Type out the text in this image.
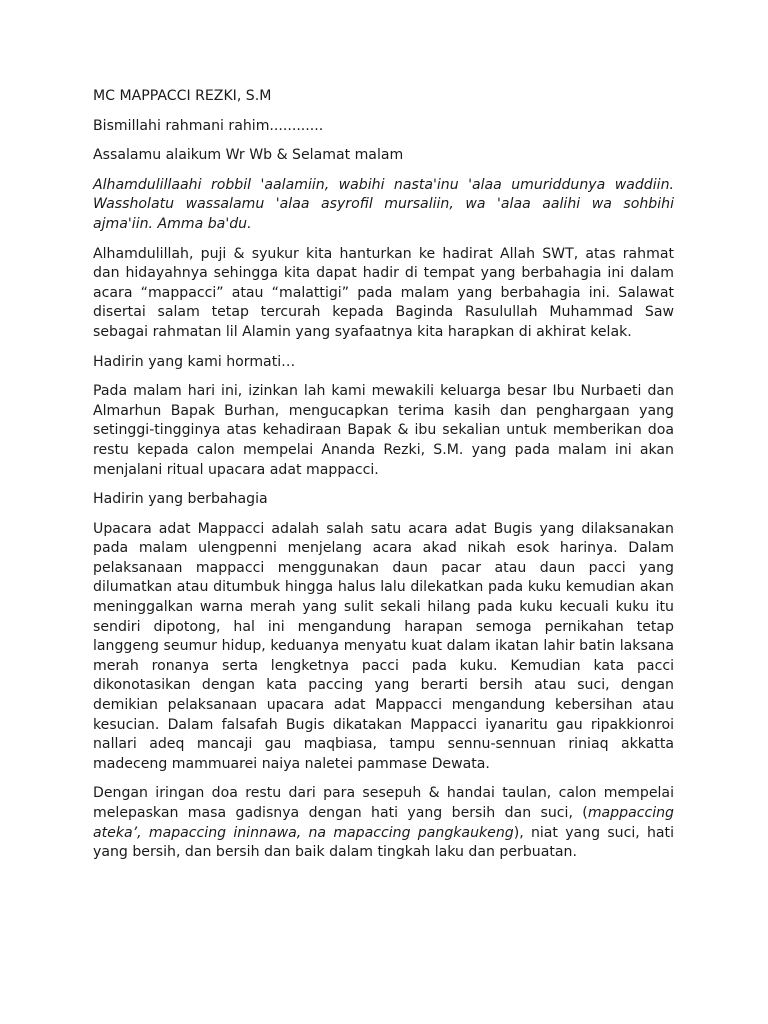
MC MAPPACCI REZKI, S.M

Bismillahi rahmani rahim............

Assalamu alaikum Wr Wb & Selamat malam

Alhamdulillaahi robbil 'aalamiin, wabihi nasta'inu 'alaa umuriddunya waddiin. Wassholatu wassalamu 'alaa asyrofil mursaliin, wa 'alaa aalihi wa sohbihi ajma'iin. Amma ba'du.

Alhamdulillah, puji & syukur kita hanturkan ke hadirat Allah SWT, atas rahmat dan hidayahnya sehingga kita dapat hadir di tempat yang berbahagia ini dalam acara “mappacci” atau “malattigi” pada malam yang berbahagia ini. Salawat disertai salam tetap tercurah kepada Baginda Rasulullah Muhammad Saw sebagai rahmatan lil Alamin yang syafaatnya kita harapkan di akhirat kelak.

Hadirin yang kami hormati…

Pada malam hari ini, izinkan lah kami mewakili keluarga besar Ibu Nurbaeti dan Almarhun Bapak Burhan, mengucapkan terima kasih dan penghargaan yang setinggi-tingginya atas kehadiraan Bapak & ibu sekalian untuk memberikan doa restu kepada calon mempelai Ananda Rezki, S.M. yang pada malam ini akan menjalani ritual upacara adat mappacci.

Hadirin yang berbahagia

Upacara adat Mappacci adalah salah satu acara adat Bugis yang dilaksanakan pada malam ulengpenni menjelang acara akad nikah esok harinya. Dalam pelaksanaan mappacci menggunakan daun pacar atau daun pacci yang dilumatkan atau ditumbuk hingga halus lalu dilekatkan pada kuku kemudian akan meninggalkan warna merah yang sulit sekali hilang pada kuku kecuali kuku itu sendiri dipotong, hal ini mengandung harapan semoga pernikahan tetap langgeng seumur hidup, keduanya menyatu kuat dalam ikatan lahir batin laksana merah ronanya serta lengketnya pacci pada kuku. Kemudian kata pacci dikonotasikan dengan kata paccing yang berarti bersih atau suci, dengan demikian pelaksanaan upacara adat Mappacci mengandung kebersihan atau kesucian. Dalam falsafah Bugis dikatakan Mappacci iyanaritu gau ripakkionroi nallari adeq mancaji gau maqbiasa, tampu sennu-sennuan riniaq akkatta madeceng mammuarei naiya naletei pammase Dewata.

Dengan iringan doa restu dari para sesepuh & handai taulan, calon mempelai melepaskan masa gadisnya dengan hati yang bersih dan suci, (mappaccing ateka’, mapaccing ininnawa, na mapaccing pangkaukeng), niat yang suci, hati yang bersih, dan bersih dan baik dalam tingkah laku dan perbuatan.
